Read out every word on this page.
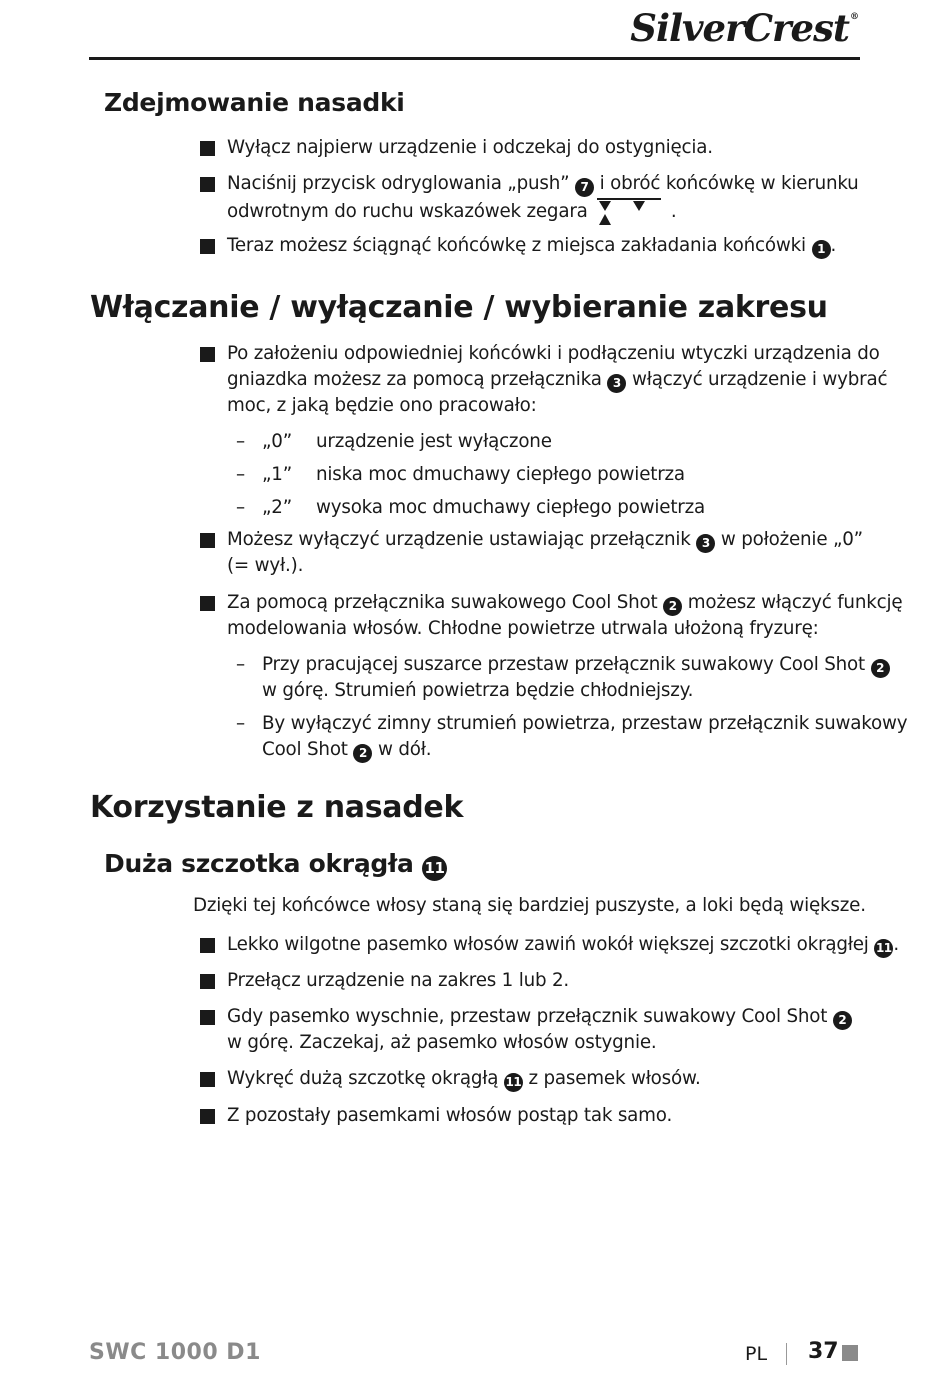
SilverCrest®
Zdejmowanie nasadki
Wyłącz najpierw urządzenie i odczekaj do ostygnięcia.
Naciśnij przycisk odryglowania „push” 7 i obróć końcówkę w kierunku
odwrotnym do ruchu wskazówek zegara	.
Teraz możesz ściągnąć końcówkę z miejsca zakładania końcówki 1 .
Włączanie / wyłączanie / wybieranie zakresu
Po założeniu odpowiedniej końcówki i podłączeniu wtyczki urządzenia do
gniazdka możesz za pomocą przełącznika 3 włączyć urządzenie i wybrać
moc, z jaką będzie ono pracowało:
– „0” urządzenie jest wyłączone
– „1” niska moc dmuchawy ciepłego powietrza
– „2” wysoka moc dmuchawy ciepłego powietrza
Możesz wyłączyć urządzenie ustawiając przełącznik 3 w położenie „0”
(= wył.).
Za pomocą przełącznika suwakowego Cool Shot 2 możesz włączyć funkcję
modelowania włosów. Chłodne powietrze utrwala ułożoną fryzurę:
– Przy pracującej suszarce przestaw przełącznik suwakowy Cool Shot 2
w górę. Strumień powietrza będzie chłodniejszy.
– By wyłączyć zimny strumień powietrza, przestaw przełącznik suwakowy
Cool Shot 2 w dół.
Korzystanie z nasadek
Duża szczotka okrągła 11
Dzięki tej końcówce włosy staną się bardziej puszyste, a loki będą większe.
Lekko wilgotne pasemko włosów zawiń wokół większej szczotki okrągłej 11.
Przełącz urządzenie na zakres 1 lub 2.
Gdy pasemko wyschnie, przestaw przełącznik suwakowy Cool Shot 2
w górę. Zaczekaj, aż pasemko włosów ostygnie.
Wykręć dużą szczotkę okrągłą 11 z pasemek włosów.
Z pozostały pasemkami włosów postąp tak samo.
SWC 1000 D1	PL 37
